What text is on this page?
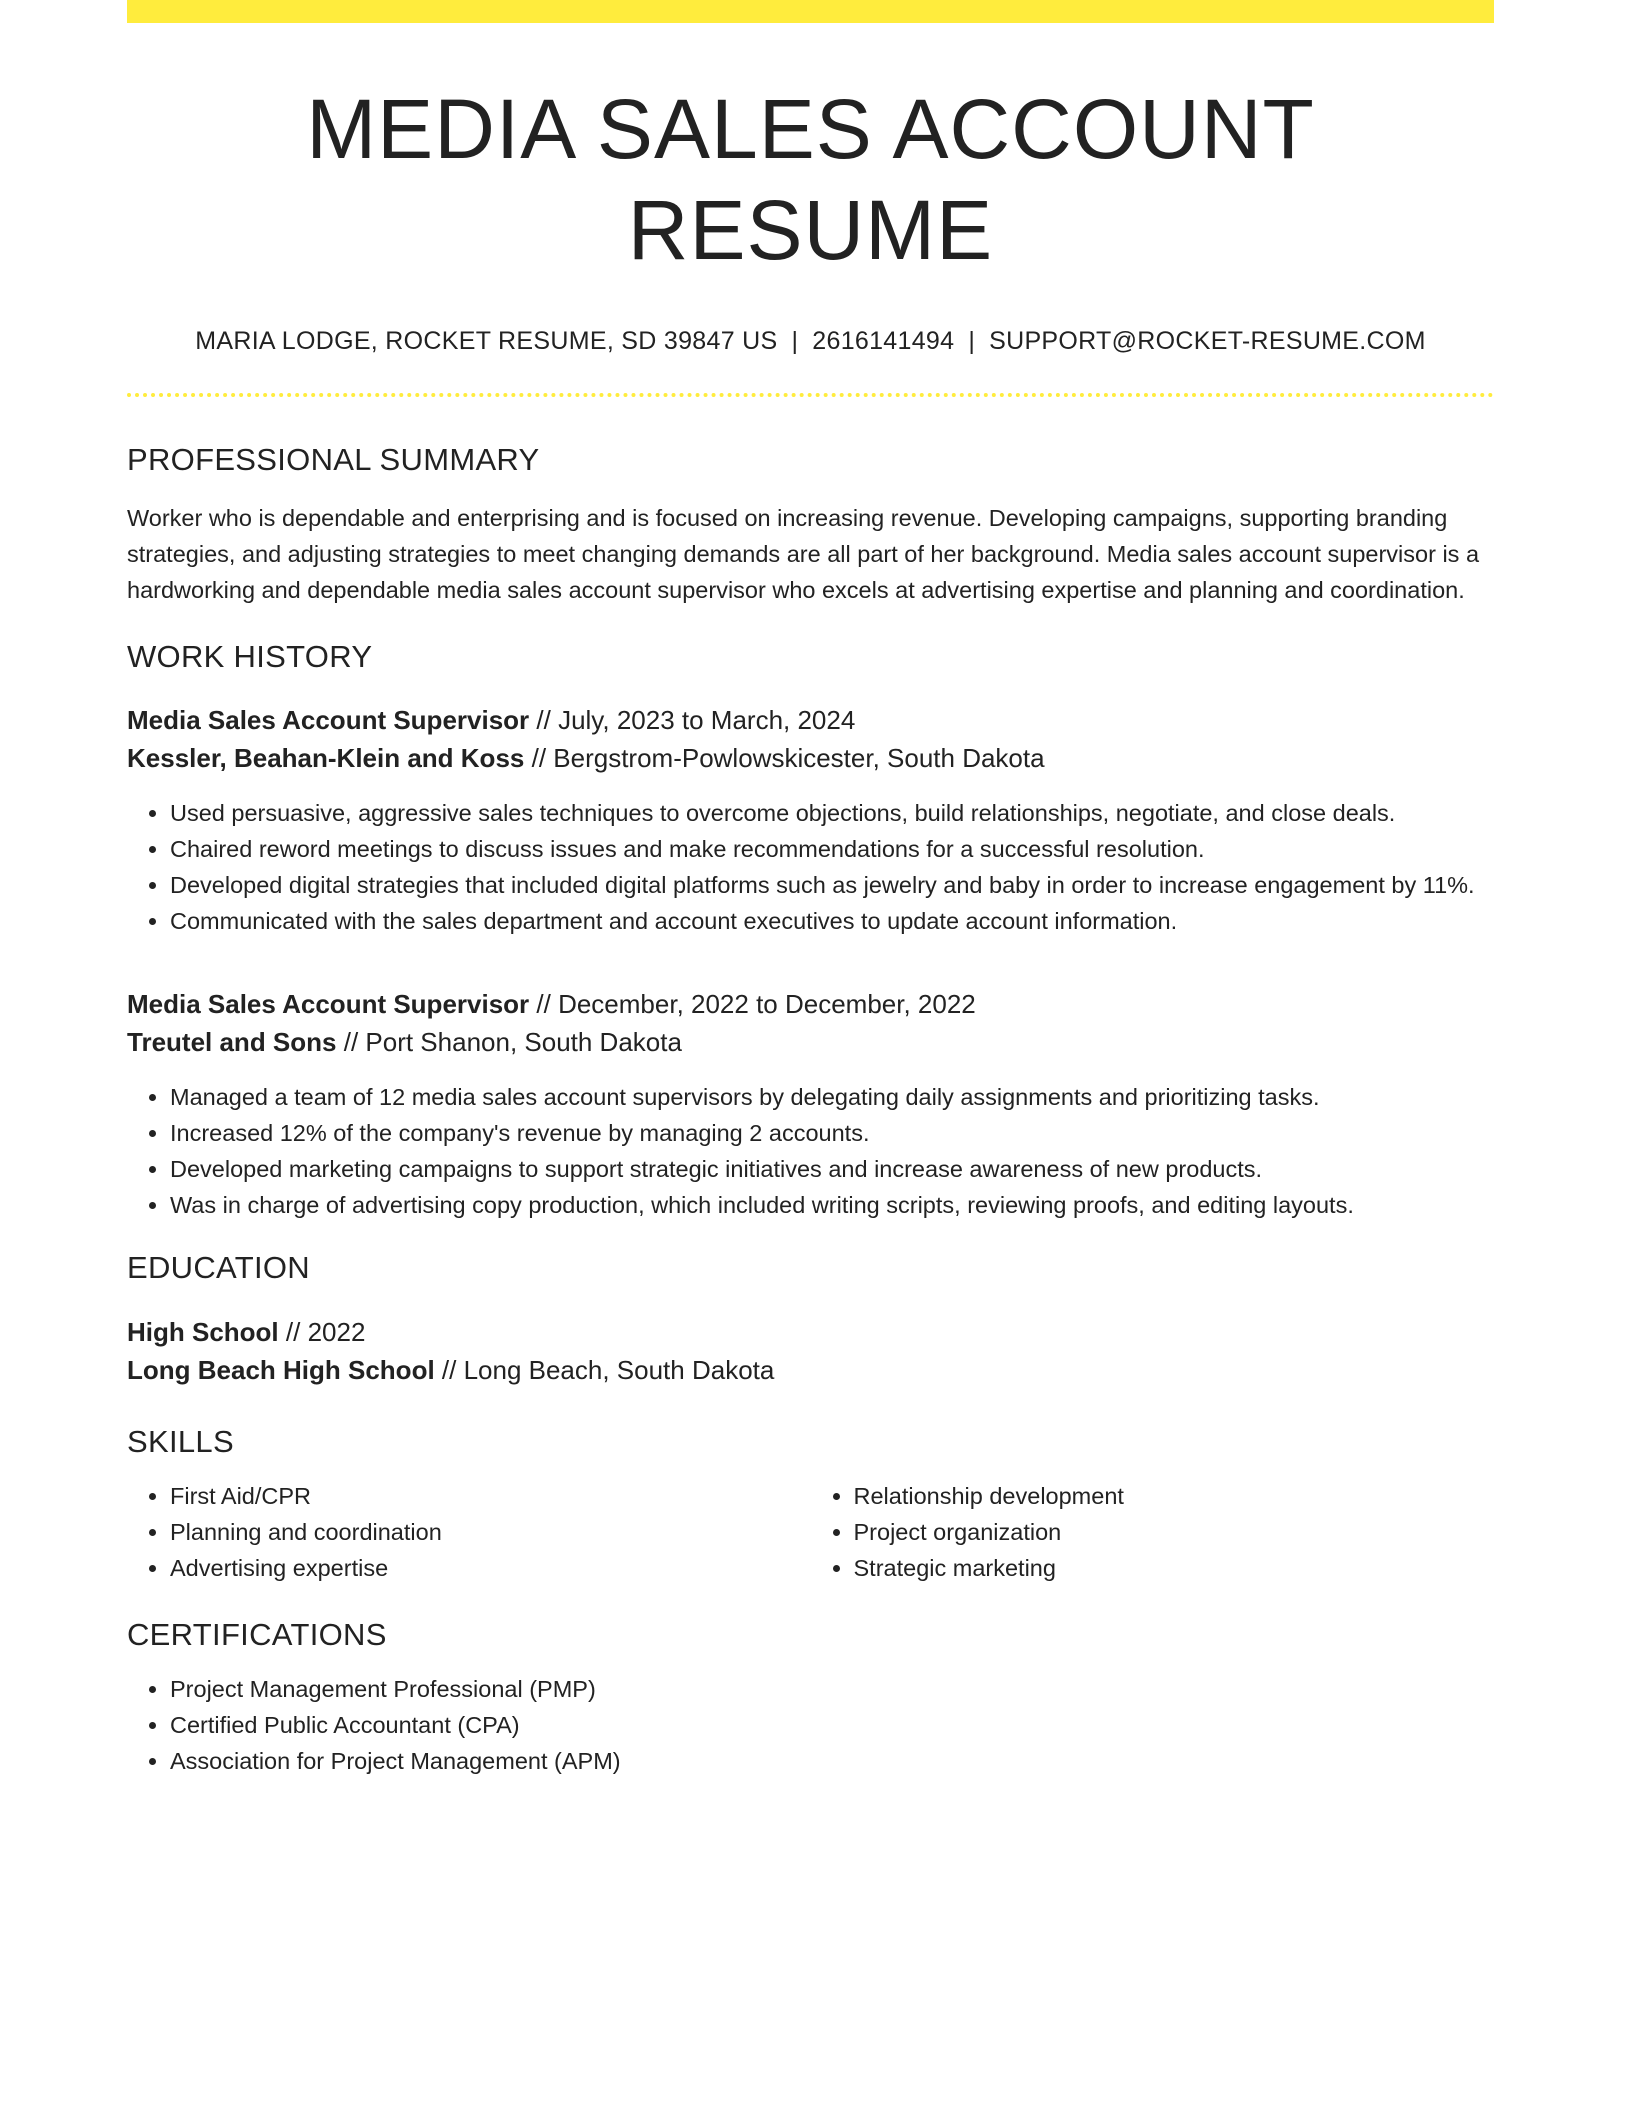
MEDIA SALES ACCOUNT RESUME
MARIA LODGE, ROCKET RESUME, SD 39847 US | 2616141494 | SUPPORT@ROCKET-RESUME.COM
PROFESSIONAL SUMMARY

Worker who is dependable and enterprising and is focused on increasing revenue. Developing campaigns, supporting branding strategies, and adjusting strategies to meet changing demands are all part of her background. Media sales account supervisor is a hardworking and dependable media sales account supervisor who excels at advertising expertise and planning and coordination.

WORK HISTORY
Media Sales Account Supervisor // July, 2023 to March, 2024
Kessler, Beahan-Klein and Koss // Bergstrom-Powlowskicester, South Dakota
• Used persuasive, aggressive sales techniques to overcome objections, build relationships, negotiate, and close deals.
• Chaired reword meetings to discuss issues and make recommendations for a successful resolution.
• Developed digital strategies that included digital platforms such as jewelry and baby in order to increase engagement by 11%.
• Communicated with the sales department and account executives to update account information.
Media Sales Account Supervisor // December, 2022 to December, 2022
Treutel and Sons // Port Shanon, South Dakota
• Managed a team of 12 media sales account supervisors by delegating daily assignments and prioritizing tasks.
• Increased 12% of the company's revenue by managing 2 accounts.
• Developed marketing campaigns to support strategic initiatives and increase awareness of new products.
• Was in charge of advertising copy production, which included writing scripts, reviewing proofs, and editing layouts.
EDUCATION
High School // 2022
Long Beach High School // Long Beach, South Dakota
SKILLS
• First Aid/CPR
• Planning and coordination
• Advertising expertise
• Relationship development
• Project organization
• Strategic marketing
CERTIFICATIONS
• Project Management Professional (PMP)
• Certified Public Accountant (CPA)
• Association for Project Management (APM)
